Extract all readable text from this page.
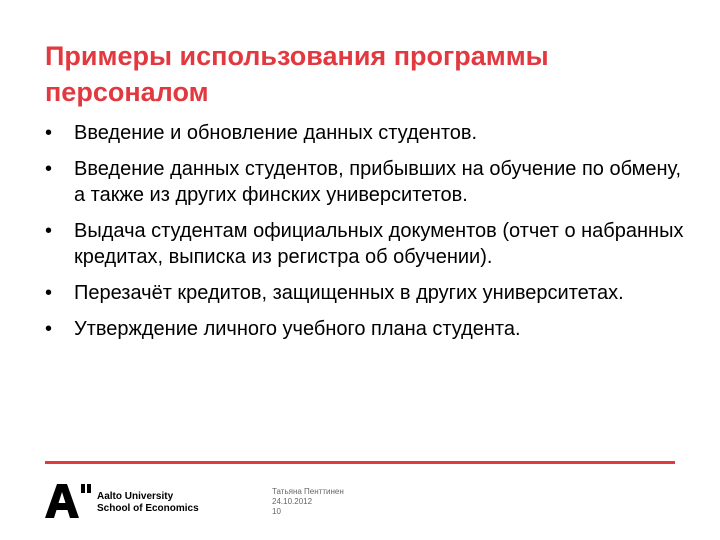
Примеры использования программы персоналом
• Введение и обновление данных студентов.
• Введение данных студентов, прибывших на обучение по обмену, а также из других финских университетов.
• Выдача студентам официальных документов (отчет о набранных кредитах, выписка из регистра об обучении).
• Перезачёт кредитов, защищенных в других университетах.
• Утверждение личного учебного плана студента.
Aalto University
School of Economics
Татьяна Пенттинен
24.10.2012
10
